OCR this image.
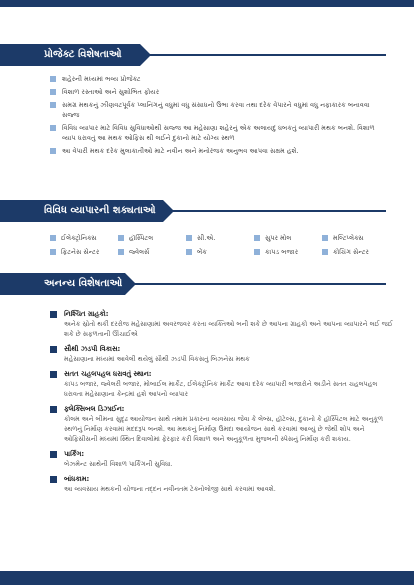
પ્રોજેક્ટ વિશેષતાઓ
શહેરની મધ્યમાં ભવ્ય પ્રોજેક્ટ
વિશાળ રસ્તાઓ અને સુશોભિત ફોયર
સમગ્ર મથકનું ઝીણવટપૂર્વક પ્લાનિંગનું વધુમાં વધુ સંસાધનો ઉભા કરવા તથા દરેક વેપારને વધુમાં વધુ નફાકારક બનાવવા સજ્જ
વિવિધ વ્યાપાર માટે વિવિધ સુવિધાઓથી સજ્જ આ મહેસાણા શહેરનું એક અલાયદું ધબકતું વ્યાપારી મથક બનશે. વિશાળ વ્યાપ ધરાવતું આ મથક ઓફિસ થી લઈને દુકાનો માટે યોગ્ય સ્થળ
આ વેપારી મથક દરેક મુલાકાતીઓ માટે નવીન અને મનોરંજક અનુભવ આપવા સક્ષમ હશે.
વિવિધ વ્યાપારની શક્યતાઓ
ઈલેક્ટ્રોનિક્સ	હૉસ્પિટલ	સી.એ.	સુપર મોલ	મલ્ટિપ્લેક્સ
ફિટનેસ સેન્ટર	જ્વેલર્સ	બેંક	કાપડ બજાર	કોચિંગ સેન્ટર
અનન્ય વિશેષતાઓ
નિશ્ચિત ગ્રાહકો:
અનેક સ્રોતો થકી દરરોજ મહેસાણામાં અવરજવર કરતા વ્યક્તિઓ બની શકે છે આપના ગ્રાહકો અને આપના વ્યાપારને લઈ જઈ શકે છે સફળતાની ઊંચાઈએ
સૌથી ઝડપી વિકાસ:
મહેસાણાના મધ્યમાં આવેલી થયેલું સૌથી ઝડપી વિકસતું બિઝનેસ મથક
સતત ચહલપહલ ધરાવતું સ્થાન:
કાપડ બજાર, જ્વેલરી બજાર, મોબાઈલ માર્કેટ, ઈલેક્ટ્રોનિક માર્કેટ આવા દરેક વ્યાપારી બજારોને અડીને સતત ચહલપહલ ધરાવતા મહેસાણાના કેન્દ્રમાં હશે આપનો વ્યાપાર
ફ્લેક્સિબલ ડિઝાઈન:
કોલમ અને બીમના સુદૃઢ આયોજન સાથે તમામ પ્રકારના વ્યવસાય જેવા કે લેબ્સ, હૉટેલ્સ, દુકાનો કે હૉસ્પિટલ માટે અનુકૂળ સ્થળનું નિર્માણ કરવામાં મદદરૂપ બનશે. આ મથકનું નિર્માણ ઉમદા આયોજન સાથે કરવામાં આવ્યું છે જેથી શોપ અને ઓફિસીસની મધ્યમાં સ્થિત દિવાલોમાં ફેરફાર કરી વિશાળ અને અનુકૂળતા મુજબની સ્પેસનું નિર્માણ કરી શકાય.
પાર્કિંગ:
બેઝમેન્ટ સાથેની વિશાળ પાર્કિંગની સુવિધા.
બાંધકામ:
આ વ્યવસાય મથકની યોજના તદ્દન નવીનતમ ટેક્નોલોજી સાથે કરવામાં આવશે.
